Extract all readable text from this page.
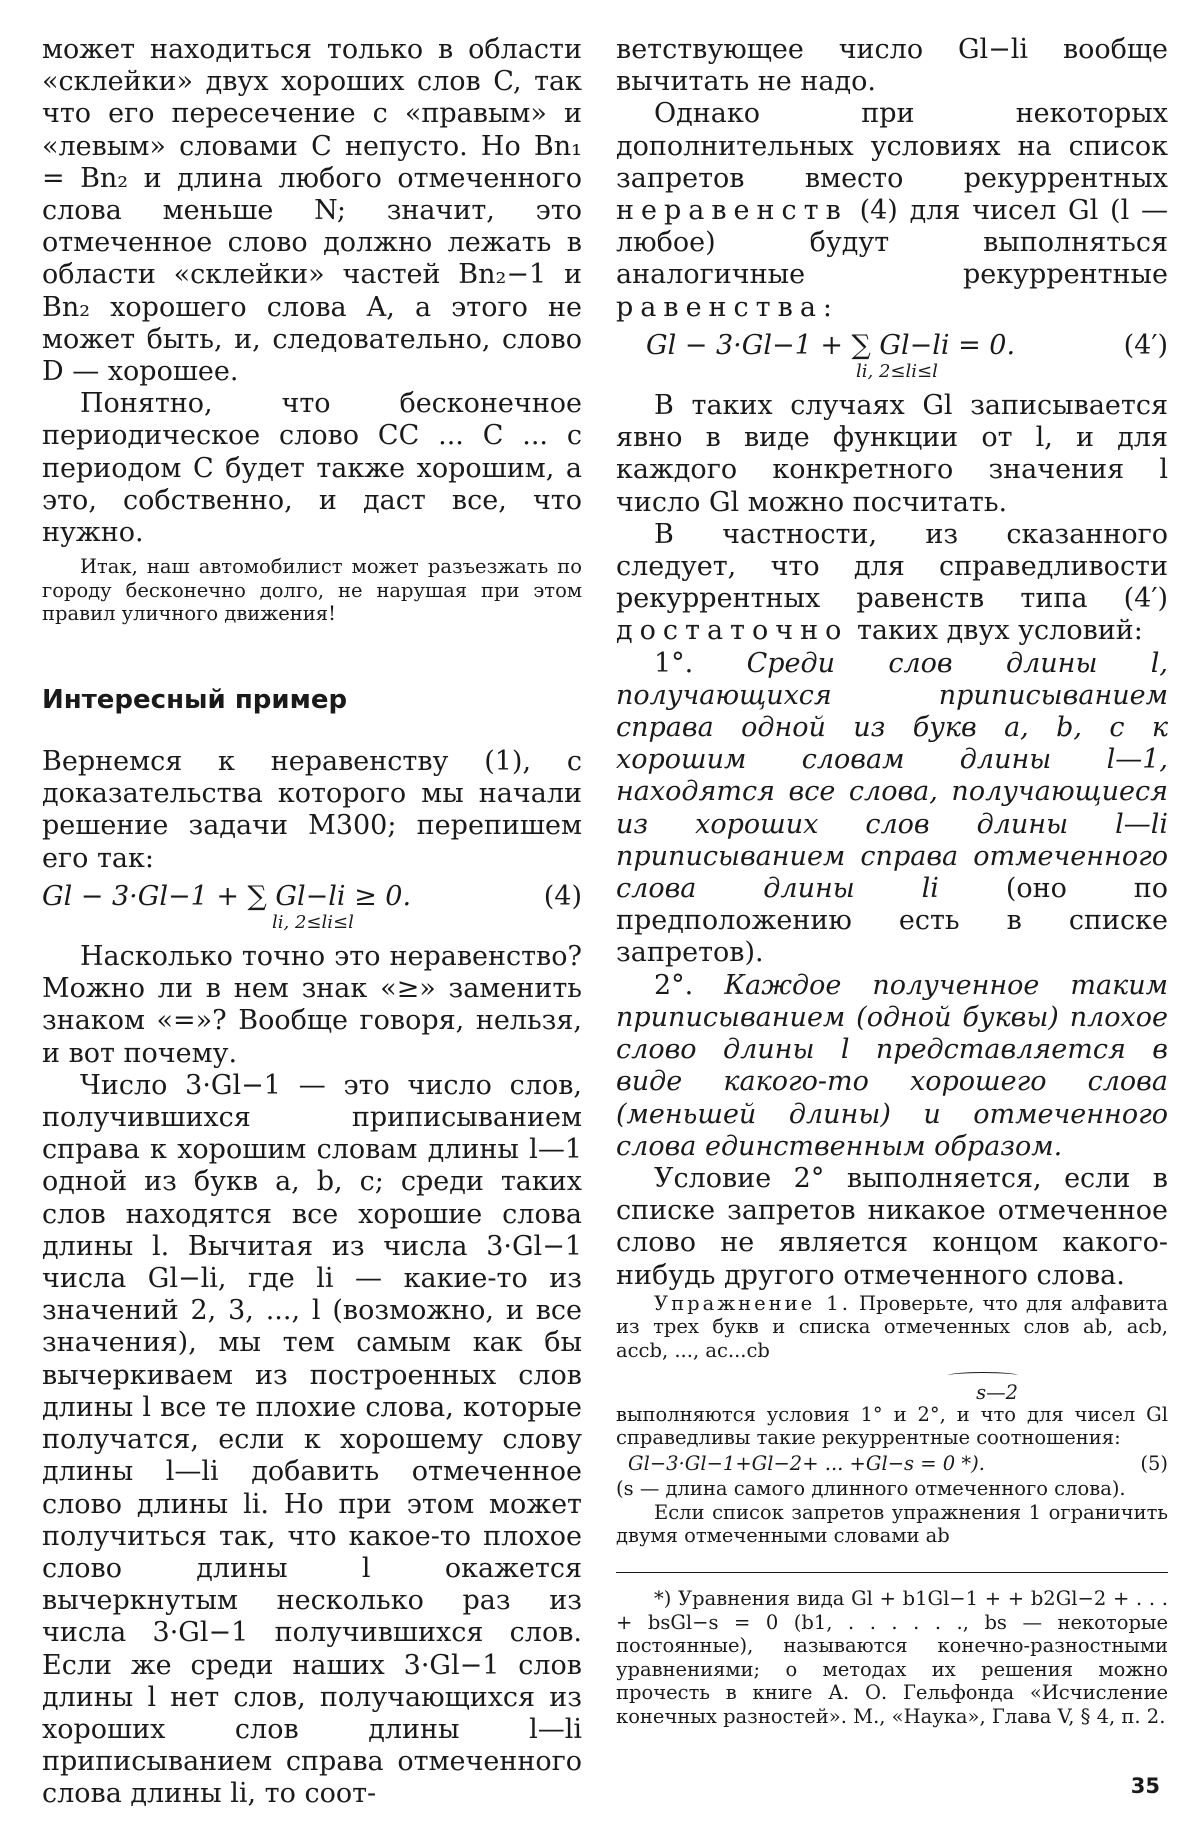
может находиться только в области «склейки» двух хороших слов C, так что его пересечение с «правым» и «левым» словами C непусто. Но Bn₁ = Bn₂ и длина любого отмеченного слова меньше N; значит, это отмеченное слово должно лежать в области «склейки» частей Bn₂−1 и Bn₂ хорошего слова A, а этого не может быть, и, следовательно, слово D — хорошее.

Понятно, что бесконечное периодическое слово CC ... C ... с периодом C будет также хорошим, а это, собственно, и даст все, что нужно.

Итак, наш автомобилист может разъезжать по городу бесконечно долго, не нарушая при этом правил уличного движения!

Интересный пример

Вернемся к неравенству (1), с доказательства которого мы начали решение задачи М300; перепишем его так:

Gl − 3·Gl−1 + ∑ Gl−li ≥ 0.	(4)
li, 2≤li≤l

Насколько точно это неравенство? Можно ли в нем знак «≥» заменить знаком «=»? Вообще говоря, нельзя, и вот почему.

Число 3·Gl−1 — это число слов, получившихся приписыванием справа к хорошим словам длины l—1 одной из букв a, b, c; среди таких слов находятся все хорошие слова длины l. Вычитая из числа 3·Gl−1 числа Gl−li, где li — какие-то из значений 2, 3, ..., l (возможно, и все значения), мы тем самым как бы вычеркиваем из построенных слов длины l все те плохие слова, которые получатся, если к хорошему слову длины l—li добавить отмеченное слово длины li. Но при этом может получиться так, что какое-то плохое слово длины l окажется вычеркнутым несколько раз из числа 3·Gl−1 получившихся слов. Если же среди наших 3·Gl−1 слов длины l нет слов, получающихся из хороших слов длины l—li приписыванием справа отмеченного слова длины li, то соот-

ветствующее число Gl−li вообще вычитать не надо.

Однако при некоторых дополнительных условиях на список запретов вместо рекуррентных неравенств (4) для чисел Gl (l — любое) будут выполняться аналогичные рекуррентные равенства:

Gl − 3·Gl−1 + ∑ Gl−li = 0.	(4′)
li, 2≤li≤l

В таких случаях Gl записывается явно в виде функции от l, и для каждого конкретного значения l число Gl можно посчитать.

В частности, из сказанного следует, что для справедливости рекуррентных равенств типа (4′) достаточно таких двух условий:

1°. Среди слов длины l, получающихся приписыванием справа одной из букв a, b, c к хорошим словам длины l—1, находятся все слова, получающиеся из хороших слов длины l—li приписыванием справа отмеченного слова длины li (оно по предположению есть в списке запретов).

2°. Каждое полученное таким приписыванием (одной буквы) плохое слово длины l представляется в виде какого-то хорошего слова (меньшей длины) и отмеченного слова единственным образом.

Условие 2° выполняется, если в списке запретов никакое отмеченное слово не является концом какого-нибудь другого отмеченного слова.

Упражнение 1. Проверьте, что для алфавита из трех букв и списка отмеченных слов ab, acb, accb, ..., ac...cb

s—2

выполняются условия 1° и 2°, и что для чисел Gl справедливы такие рекуррентные соотношения:

Gl−3·Gl−1+Gl−2+ ... +Gl−s = 0 *).	(5)

(s — длина самого длинного отмеченного слова).

Если список запретов упражнения 1 ограничить двумя отмеченными словами ab

*) Уравнения вида Gl + b1Gl−1 + + b2Gl−2 + . . . + bsGl−s = 0 (b1, . . . . . ., bs — некоторые постоянные), называются конечно-разностными уравнениями; о методах их решения можно прочесть в книге А. О. Гельфонда «Исчисление конечных разностей». М., «Наука», Глава V, § 4, п. 2.

35
